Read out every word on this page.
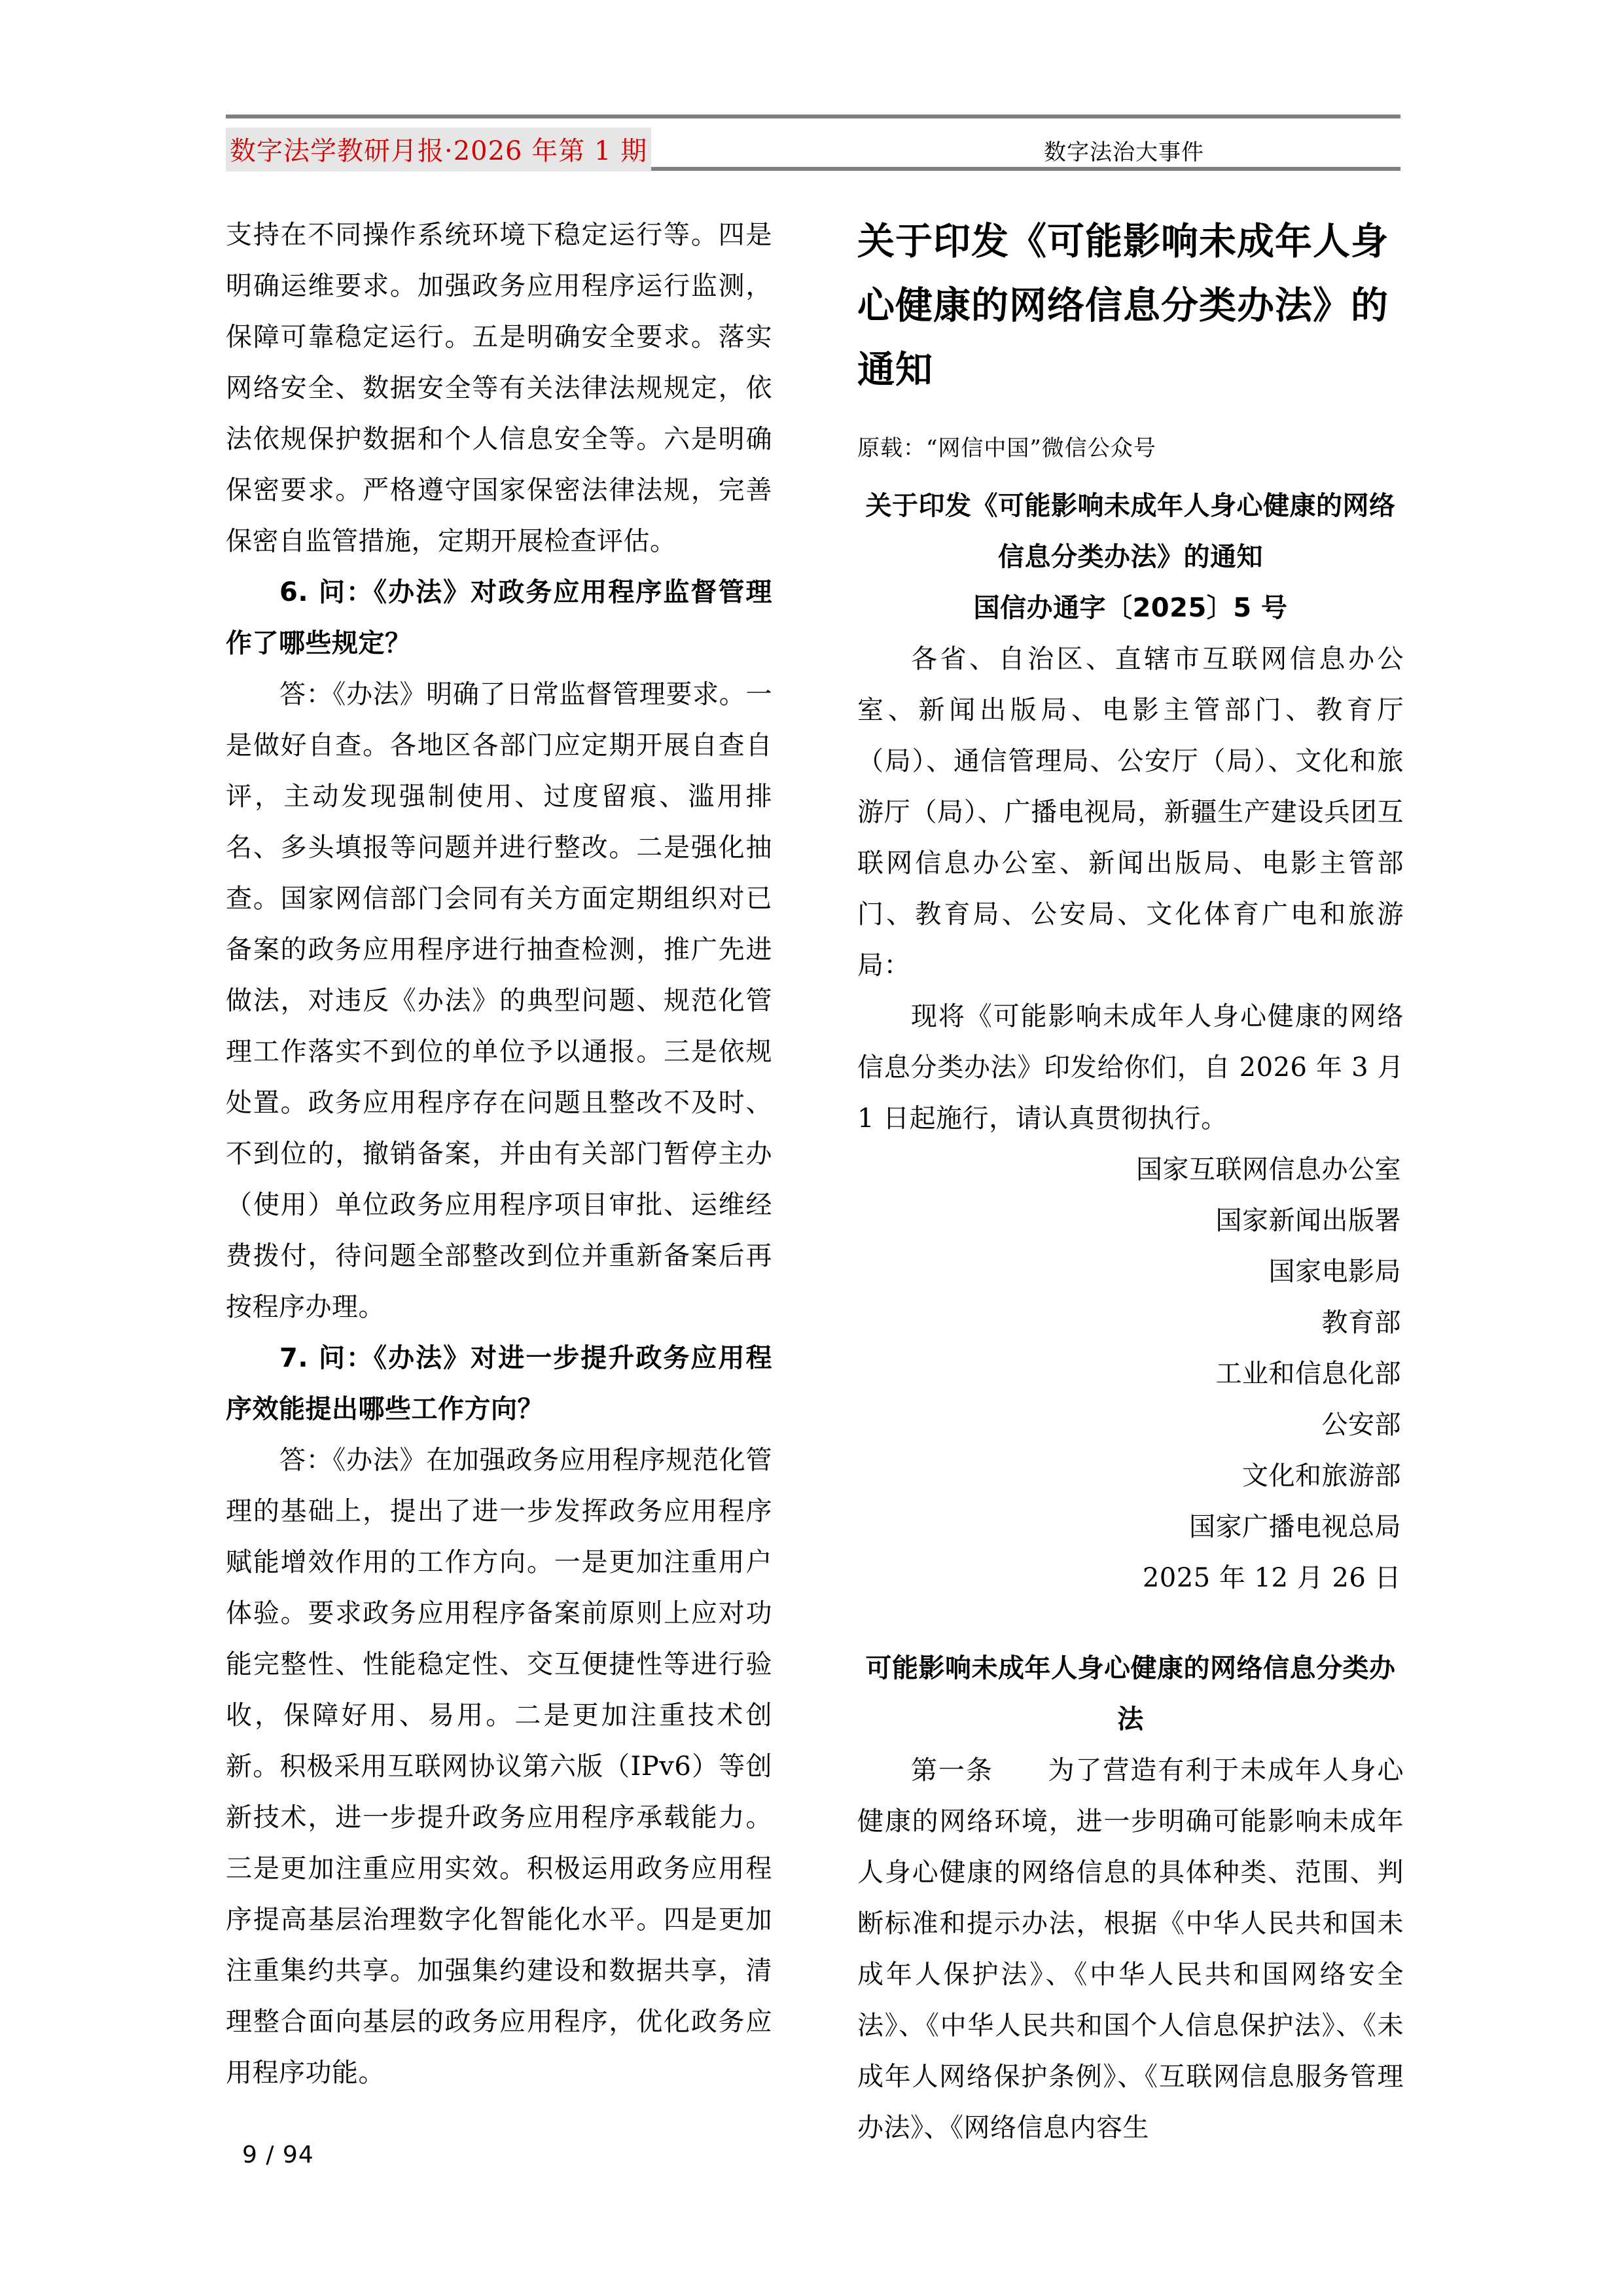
数字法学教研月报·2026 年第 1 期	数字法治大事件

支持在不同操作系统环境下稳定运行等。四是明确运维要求。加强政务应用程序运行监测，保障可靠稳定运行。五是明确安全要求。落实网络安全、数据安全等有关法律法规规定，依法依规保护数据和个人信息安全等。六是明确保密要求。严格遵守国家保密法律法规，完善保密自监管措施，定期开展检查评估。

6. 问：《办法》对政务应用程序监督管理作了哪些规定？

答：《办法》明确了日常监督管理要求。一是做好自查。各地区各部门应定期开展自查自评，主动发现强制使用、过度留痕、滥用排名、多头填报等问题并进行整改。二是强化抽查。国家网信部门会同有关方面定期组织对已备案的政务应用程序进行抽查检测，推广先进做法，对违反《办法》的典型问题、规范化管理工作落实不到位的单位予以通报。三是依规处置。政务应用程序存在问题且整改不及时、不到位的，撤销备案，并由有关部门暂停主办（使用）单位政务应用程序项目审批、运维经费拨付，待问题全部整改到位并重新备案后再按程序办理。

7. 问：《办法》对进一步提升政务应用程序效能提出哪些工作方向？

答：《办法》在加强政务应用程序规范化管理的基础上，提出了进一步发挥政务应用程序赋能增效作用的工作方向。一是更加注重用户体验。要求政务应用程序备案前原则上应对功能完整性、性能稳定性、交互便捷性等进行验收，保障好用、易用。二是更加注重技术创新。积极采用互联网协议第六版（IPv6）等创新技术，进一步提升政务应用程序承载能力。三是更加注重应用实效。积极运用政务应用程序提高基层治理数字化智能化水平。四是更加注重集约共享。加强集约建设和数据共享，清理整合面向基层的政务应用程序，优化政务应用程序功能。

关于印发《可能影响未成年人身心健康的网络信息分类办法》的通知

原载：“网信中国”微信公众号

关于印发《可能影响未成年人身心健康的网络信息分类办法》的通知

国信办通字〔2025〕5 号

各省、自治区、直辖市互联网信息办公室、新闻出版局、电影主管部门、教育厅（局）、通信管理局、公安厅（局）、文化和旅游厅（局）、广播电视局，新疆生产建设兵团互联网信息办公室、新闻出版局、电影主管部门、教育局、公安局、文化体育广电和旅游局：

现将《可能影响未成年人身心健康的网络信息分类办法》印发给你们，自 2026 年 3 月 1 日起施行，请认真贯彻执行。

国家互联网信息办公室

国家新闻出版署

国家电影局

教育部

工业和信息化部

公安部

文化和旅游部

国家广播电视总局

2025 年 12 月 26 日

可能影响未成年人身心健康的网络信息分类办法

第一条　　为了营造有利于未成年人身心健康的网络环境，进一步明确可能影响未成年人身心健康的网络信息的具体种类、范围、判断标准和提示办法，根据《中华人民共和国未成年人保护法》、《中华人民共和国网络安全法》、《中华人民共和国个人信息保护法》、《未成年人网络保护条例》、《互联网信息服务管理办法》、《网络信息内容生

9 / 94
